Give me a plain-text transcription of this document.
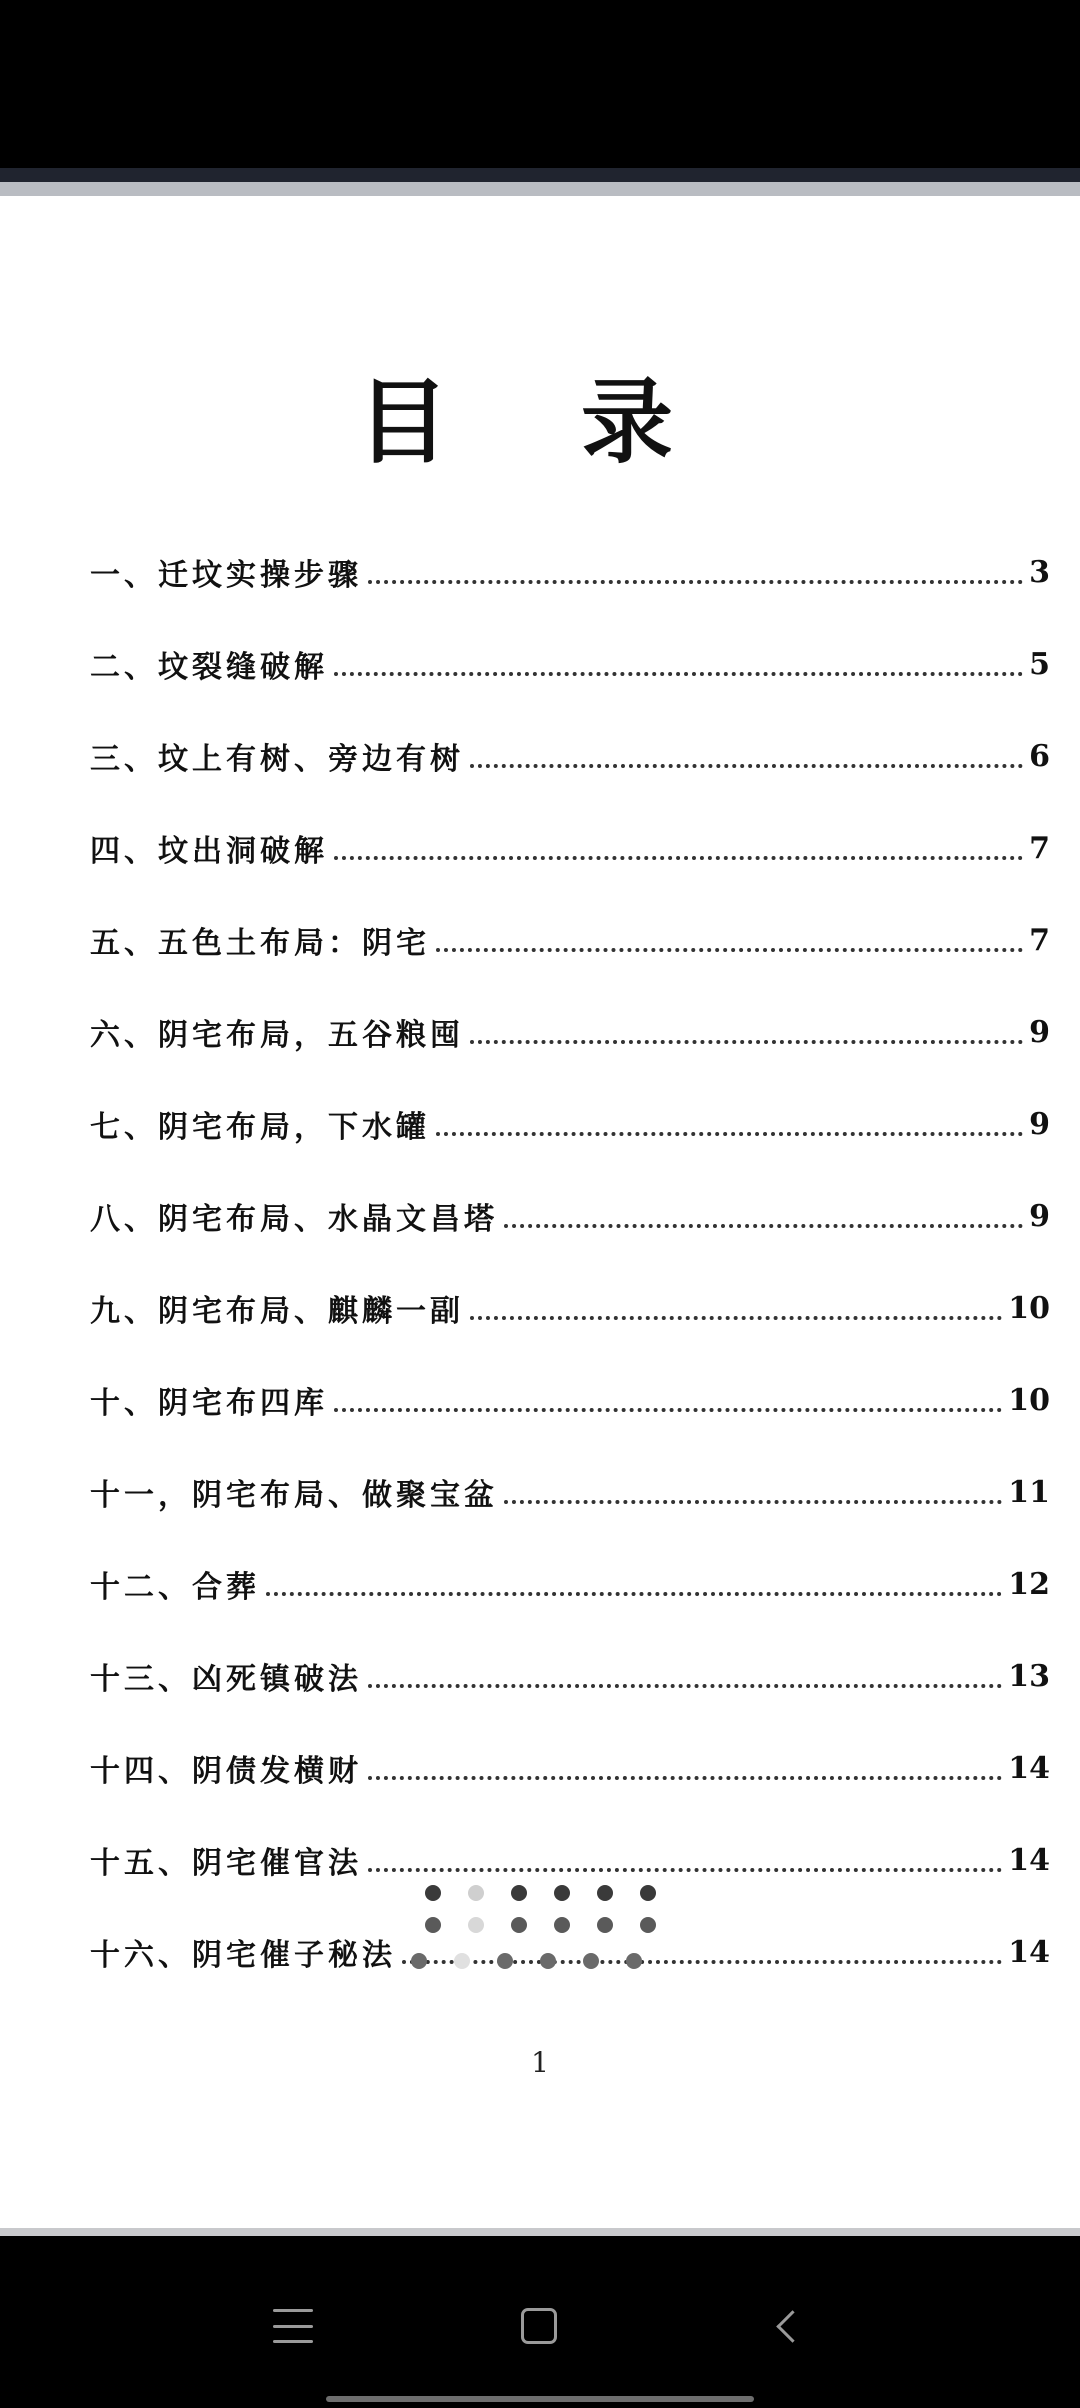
目 录
一、迁坟实操步骤	3
二、坟裂缝破解	5
三、坟上有树、旁边有树	6
四、坟出洞破解	7
五、五色土布局：阴宅	7
六、阴宅布局，五谷粮囤	9
七、阴宅布局，下水罐	9
八、阴宅布局、水晶文昌塔	9
九、阴宅布局、麒麟一副	10
十、阴宅布四库	10
十一，阴宅布局、做聚宝盆	11
十二、合葬	12
十三、凶死镇破法	13
十四、阴债发横财	14
十五、阴宅催官法	14
十六、阴宅催子秘法	14
1
